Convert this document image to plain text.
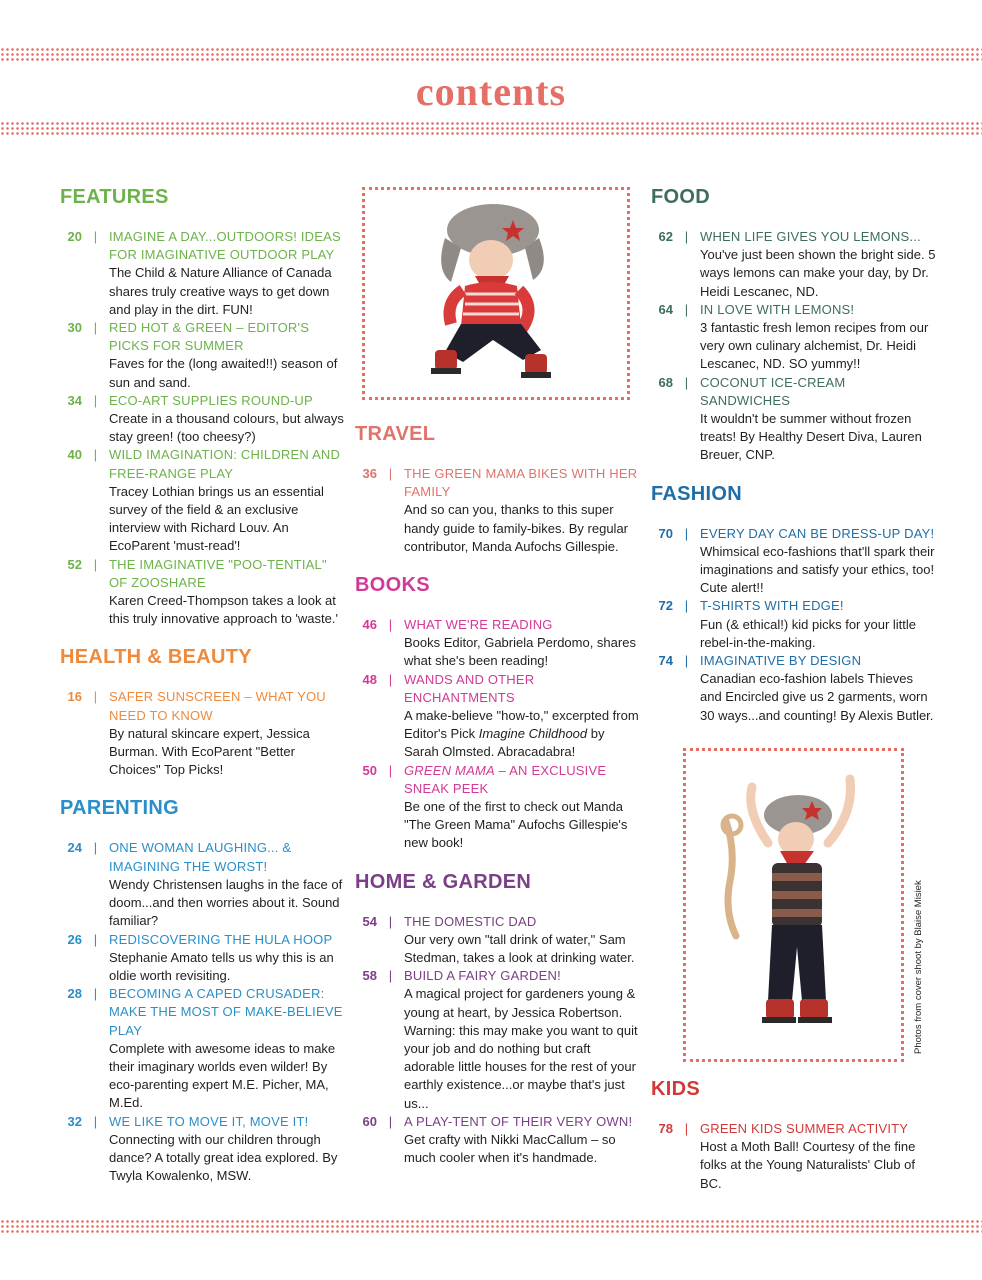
contents
FEATURES
20 | IMAGINE A DAY...OUTDOORS! IDEAS FOR IMAGINATIVE OUTDOOR PLAY
The Child & Nature Alliance of Canada shares truly creative ways to get down and play in the dirt. FUN!
30 | RED HOT & GREEN – EDITOR'S PICKS FOR SUMMER
Faves for the (long awaited!!) season of sun and sand.
34 | ECO-ART SUPPLIES ROUND-UP
Create in a thousand colours, but always stay green! (too cheesy?)
40 | WILD IMAGINATION: CHILDREN AND FREE-RANGE PLAY
Tracey Lothian brings us an essential survey of the field & an exclusive interview with Richard Louv. An EcoParent 'must-read'!
52 | THE IMAGINATIVE "POO-TENTIAL" OF ZOOSHARE
Karen Creed-Thompson takes a look at this truly innovative approach to 'waste.'
HEALTH & BEAUTY
16 | SAFER SUNSCREEN – WHAT YOU NEED TO KNOW
By natural skincare expert, Jessica Burman. With EcoParent "Better Choices" Top Picks!
PARENTING
24 | ONE WOMAN LAUGHING... & IMAGINING THE WORST!
Wendy Christensen laughs in the face of doom...and then worries about it. Sound familiar?
26 | REDISCOVERING THE HULA HOOP
Stephanie Amato tells us why this is an oldie worth revisiting.
28 | BECOMING A CAPED CRUSADER: MAKE THE MOST OF MAKE-BELIEVE PLAY
Complete with awesome ideas to make their imaginary worlds even wilder! By eco-parenting expert M.E. Picher, MA, M.Ed.
32 | WE LIKE TO MOVE IT, MOVE IT!
Connecting with our children through dance? A totally great idea explored. By Twyla Kowalenko, MSW.
TRAVEL
36 | THE GREEN MAMA BIKES WITH HER FAMILY
And so can you, thanks to this super handy guide to family-bikes. By regular contributor, Manda Aufochs Gillespie.
BOOKS
46 | WHAT WE'RE READING
Books Editor, Gabriela Perdomo, shares what she's been reading!
48 | WANDS AND OTHER ENCHANTMENTS
A make-believe "how-to," excerpted from Editor's Pick Imagine Childhood by Sarah Olmsted. Abracadabra!
50 | GREEN MAMA – AN EXCLUSIVE SNEAK PEEK
Be one of the first to check out Manda "The Green Mama" Aufochs Gillespie's new book!
HOME & GARDEN
54 | THE DOMESTIC DAD
Our very own "tall drink of water," Sam Stedman, takes a look at drinking water.
58 | BUILD A FAIRY GARDEN!
A magical project for gardeners young & young at heart, by Jessica Robertson. Warning: this may make you want to quit your job and do nothing but craft adorable little houses for the rest of your earthly existence...or maybe that's just us...
60 | A PLAY-TENT OF THEIR VERY OWN!
Get crafty with Nikki MacCallum – so much cooler when it's handmade.
FOOD
62 | WHEN LIFE GIVES YOU LEMONS...
You've just been shown the bright side. 5 ways lemons can make your day, by Dr. Heidi Lescanec, ND.
64 | IN LOVE WITH LEMONS!
3 fantastic fresh lemon recipes from our very own culinary alchemist, Dr. Heidi Lescanec, ND. SO yummy!!
68 | COCONUT ICE-CREAM SANDWICHES
It wouldn't be summer without frozen treats! By Healthy Desert Diva, Lauren Breuer, CNP.
FASHION
70 | EVERY DAY CAN BE DRESS-UP DAY!
Whimsical eco-fashions that'll spark their imaginations and satisfy your ethics, too! Cute alert!!
72 | T-SHIRTS WITH EDGE!
Fun (& ethical!) kid picks for your little rebel-in-the-making.
74 | IMAGINATIVE BY DESIGN
Canadian eco-fashion labels Thieves and Encircled give us 2 garments, worn 30 ways...and counting! By Alexis Butler.
Photos from cover shoot by Blaise Misiek
KIDS
78 | GREEN KIDS SUMMER ACTIVITY
Host a Moth Ball! Courtesy of the fine folks at the Young Naturalists' Club of BC.
